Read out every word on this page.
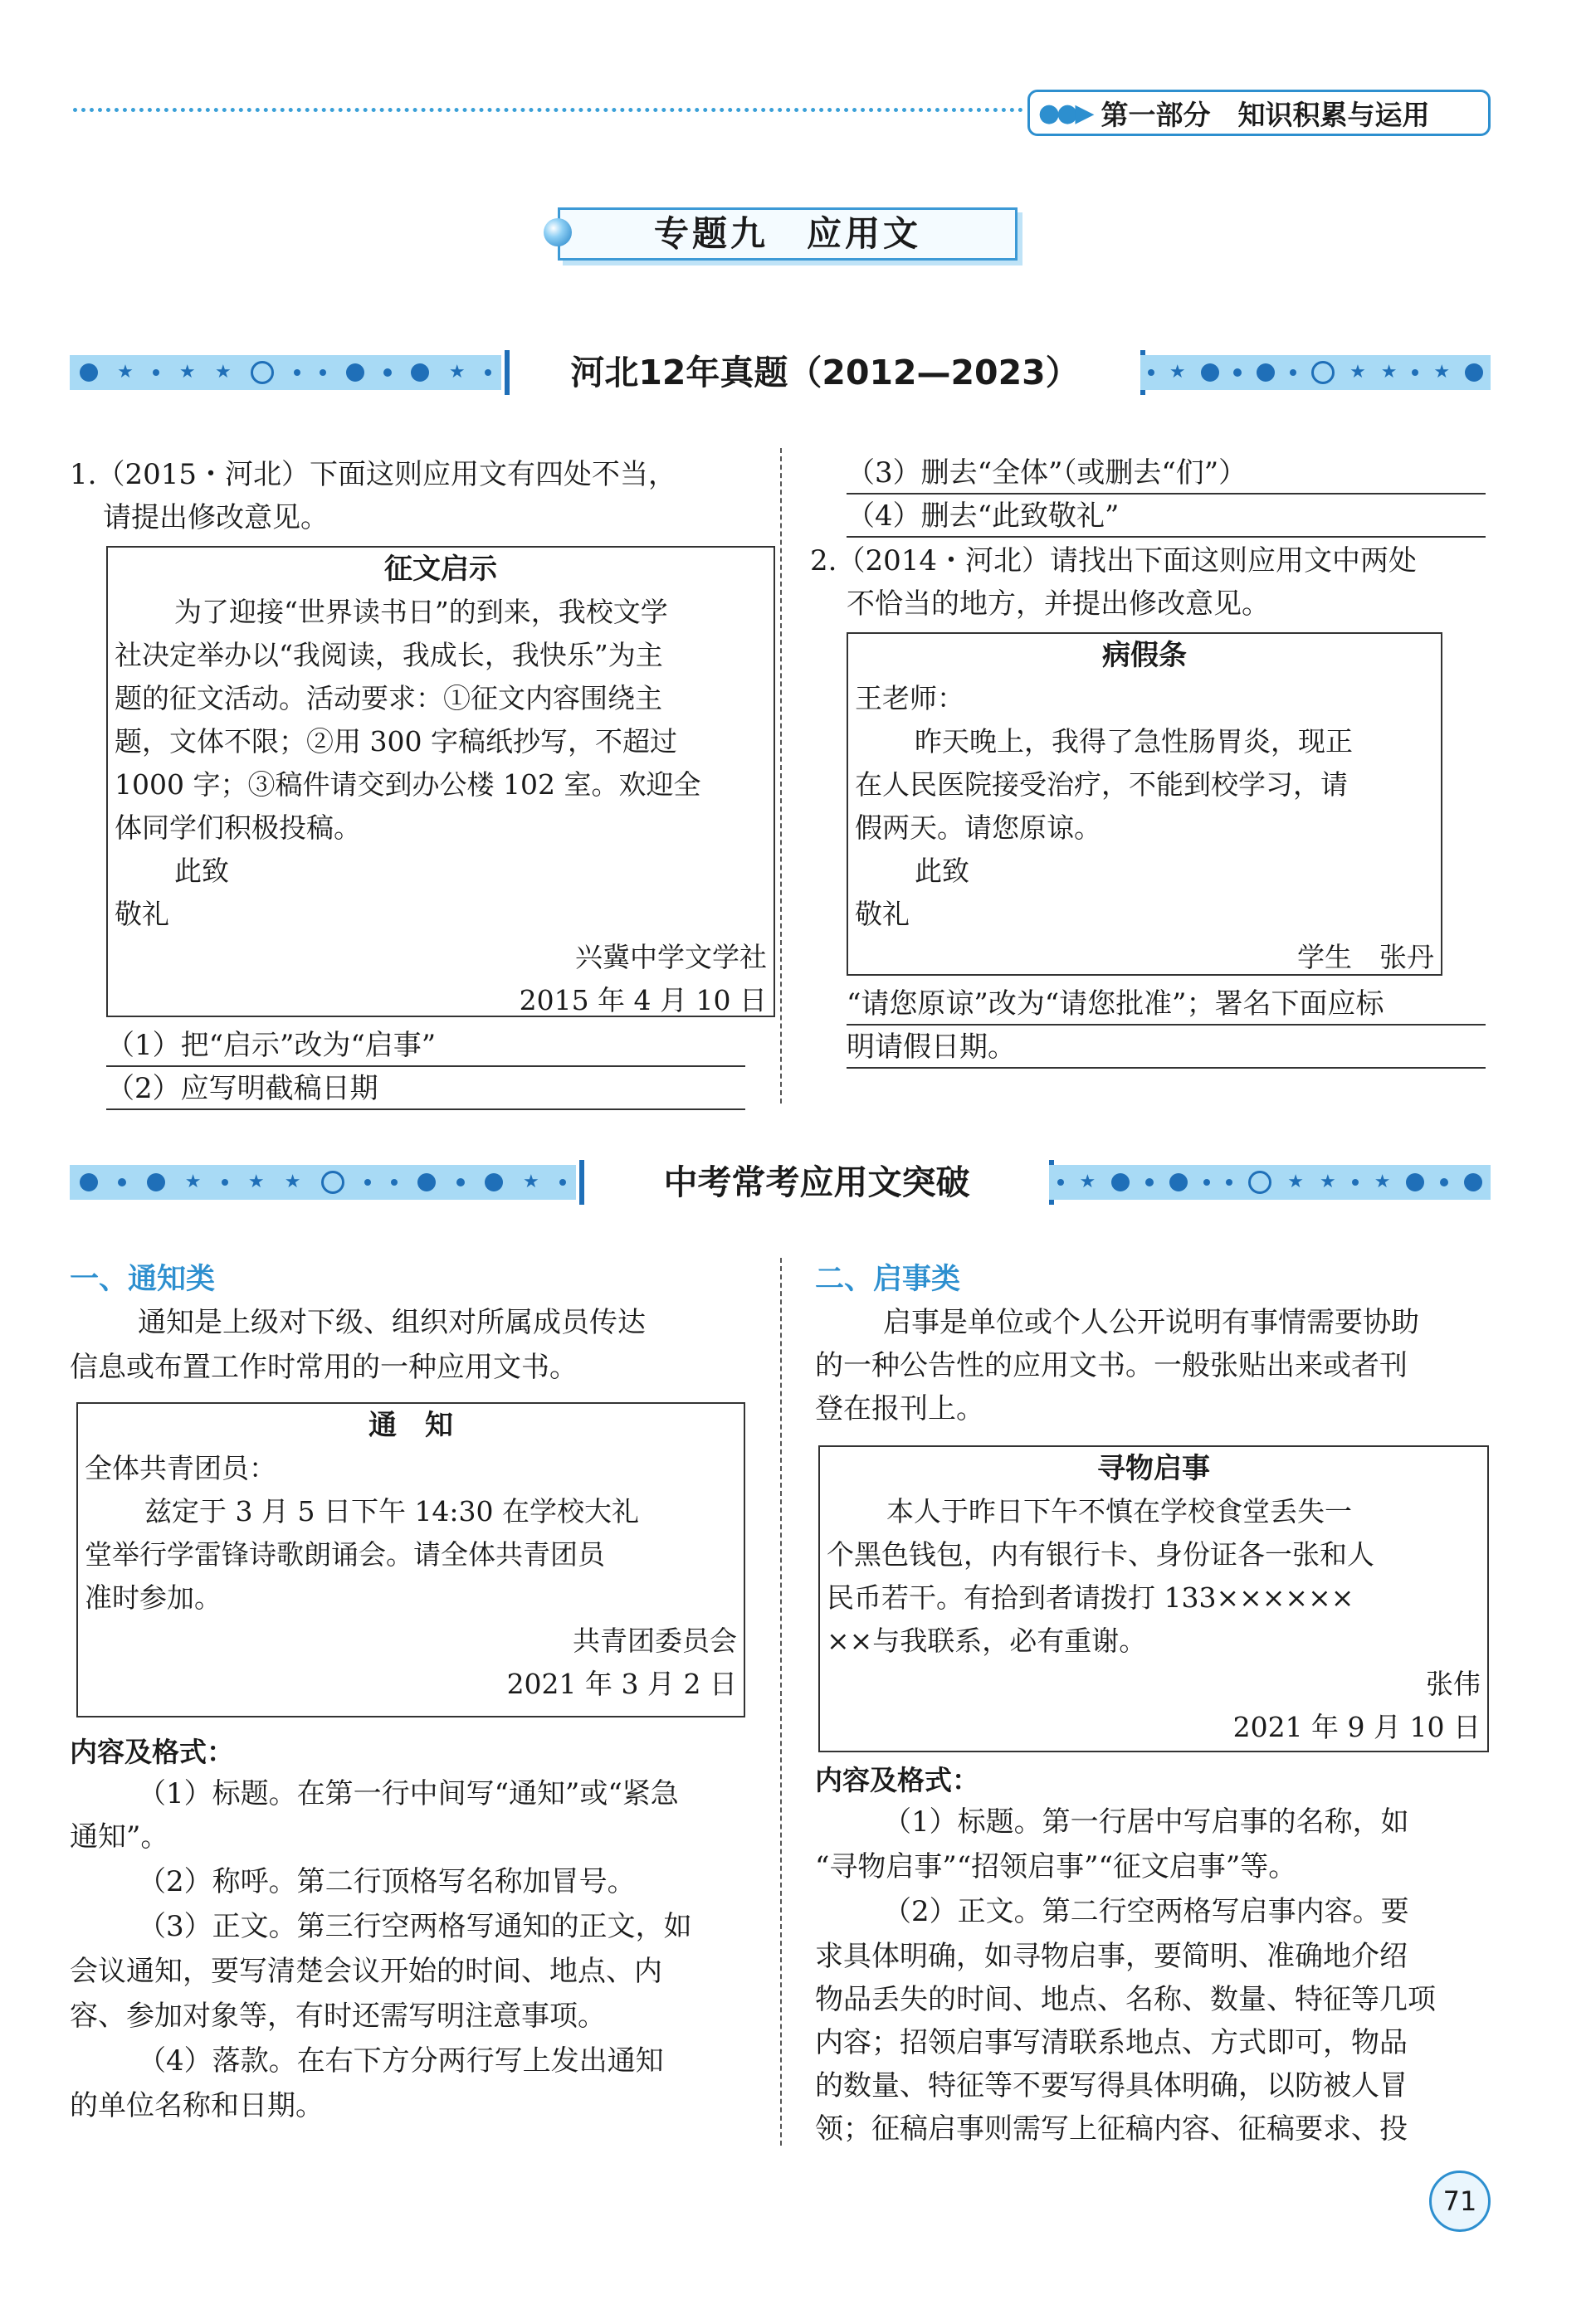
●●▶ 第一部分　知识积累与运用
专题九　应用文
★ ★ ★	★	河北12年真题（2012—2023）	★	★ ★ ★
1.（2015・河北）下面这则应用文有四处不当，
请提出修改意见。
征文启示
为了迎接“世界读书日”的到来，我校文学
社决定举办以“我阅读，我成长，我快乐”为主
题的征文活动。活动要求：①征文内容围绕主
题，文体不限；②用 300 字稿纸抄写，不超过
1000 字；③稿件请交到办公楼 102 室。欢迎全
体同学们积极投稿。
此致
敬礼
兴冀中学文学社
2015 年 4 月 10 日
（1）把“启示”改为“启事”
（2）应写明截稿日期
（3）删去“全体”（或删去“们”）
（4）删去“此致敬礼”
2.（2014・河北）请找出下面这则应用文中两处
不恰当的地方，并提出修改意见。
病假条
王老师：
昨天晚上，我得了急性肠胃炎，现正
在人民医院接受治疗，不能到校学习，请
假两天。请您原谅。
此致
敬礼
学生　张丹
“请您原谅”改为“请您批准”；署名下面应标
明请假日期。
★	★ ★	★	中考常考应用文突破	★	★ ★ ★
一、通知类
通知是上级对下级、组织对所属成员传达
信息或布置工作时常用的一种应用文书。
通　知
全体共青团员：
兹定于 3 月 5 日下午 14:30 在学校大礼
堂举行学雷锋诗歌朗诵会。请全体共青团员
准时参加。
共青团委员会
2021 年 3 月 2 日
内容及格式：
（1）标题。在第一行中间写“通知”或“紧急
通知”。
（2）称呼。第二行顶格写名称加冒号。
（3）正文。第三行空两格写通知的正文，如
会议通知，要写清楚会议开始的时间、地点、内
容、参加对象等，有时还需写明注意事项。
（4）落款。在右下方分两行写上发出通知
的单位名称和日期。
二、启事类
启事是单位或个人公开说明有事情需要协助
的一种公告性的应用文书。一般张贴出来或者刊
登在报刊上。
寻物启事
本人于昨日下午不慎在学校食堂丢失一
个黑色钱包，内有银行卡、身份证各一张和人
民币若干。有拾到者请拨打 133××××××
××与我联系，必有重谢。
张伟
2021 年 9 月 10 日
内容及格式：
（1）标题。第一行居中写启事的名称，如
“寻物启事”“招领启事”“征文启事”等。
（2）正文。第二行空两格写启事内容。要
求具体明确，如寻物启事，要简明、准确地介绍
物品丢失的时间、地点、名称、数量、特征等几项
内容；招领启事写清联系地点、方式即可，物品
的数量、特征等不要写得具体明确，以防被人冒
领；征稿启事则需写上征稿内容、征稿要求、投
71
